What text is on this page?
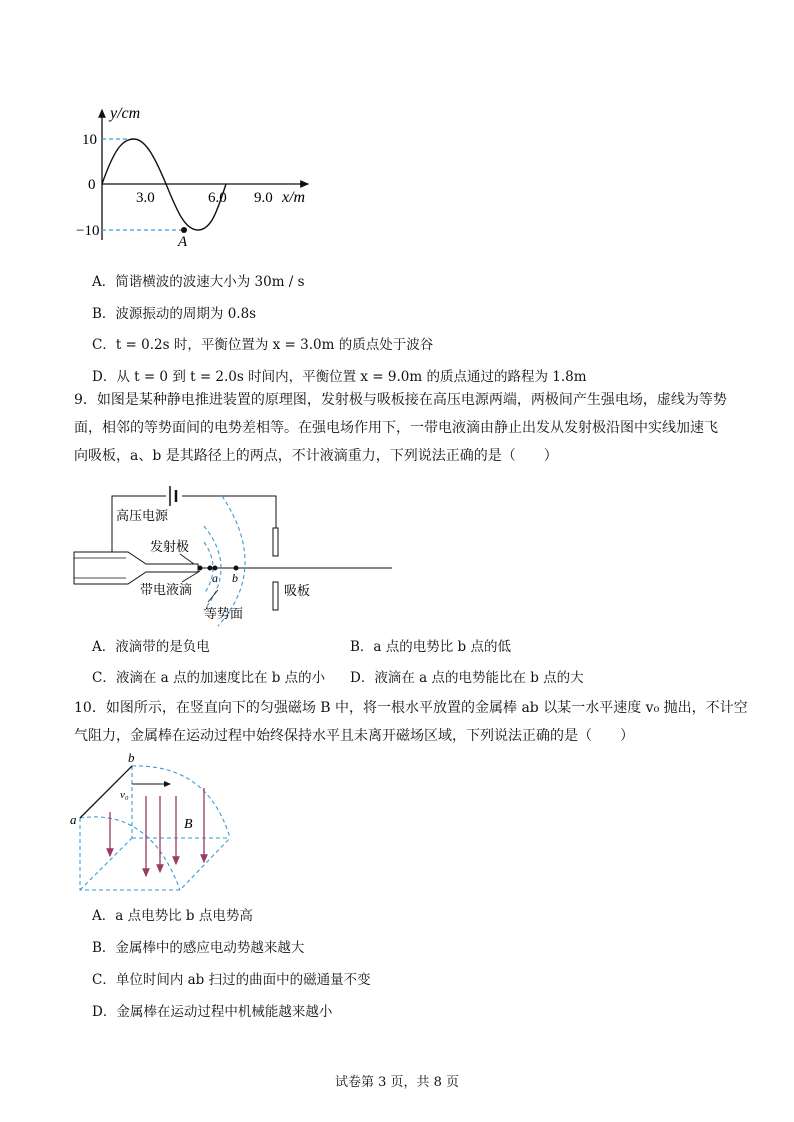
y/cm
10
0
−10
3.0	6.0 9.0 x/m
A
A．简谐横波的波速大小为 30m / s
B．波源振动的周期为 0.8s
C．t = 0.2s 时，平衡位置为 x = 3.0m 的质点处于波谷
D．从 t = 0 到 t = 2.0s 时间内，平衡位置 x = 9.0m 的质点通过的路程为 1.8m
9．如图是某种静电推进装置的原理图，发射极与吸板接在高压电源两端，两极间产生强电场，虚线为等势
面，相邻的等势面间的电势差相等。在强电场作用下，一带电液滴由静止出发从发射极沿图中实线加速飞
向吸板，a、b 是其路径上的两点，不计液滴重力，下列说法正确的是（　　）
高压电源
发射极
带电液滴
等势面
吸板
a b
A．液滴带的是负电	B．a 点的电势比 b 点的低
C．液滴在 a 点的加速度比在 b 点的小 D．液滴在 a 点的电势能比在 b 点的大
10．如图所示，在竖直向下的匀强磁场 B 中，将一根水平放置的金属棒 ab 以某一水平速度 v₀ 抛出，不计空
气阻力，金属棒在运动过程中始终保持水平且未离开磁场区域，下列说法正确的是（　　）
a
b
v₀
B
A．a 点电势比 b 点电势高
B．金属棒中的感应电动势越来越大
C．单位时间内 ab 扫过的曲面中的磁通量不变
D．金属棒在运动过程中机械能越来越小
试卷第 3 页，共 8 页
